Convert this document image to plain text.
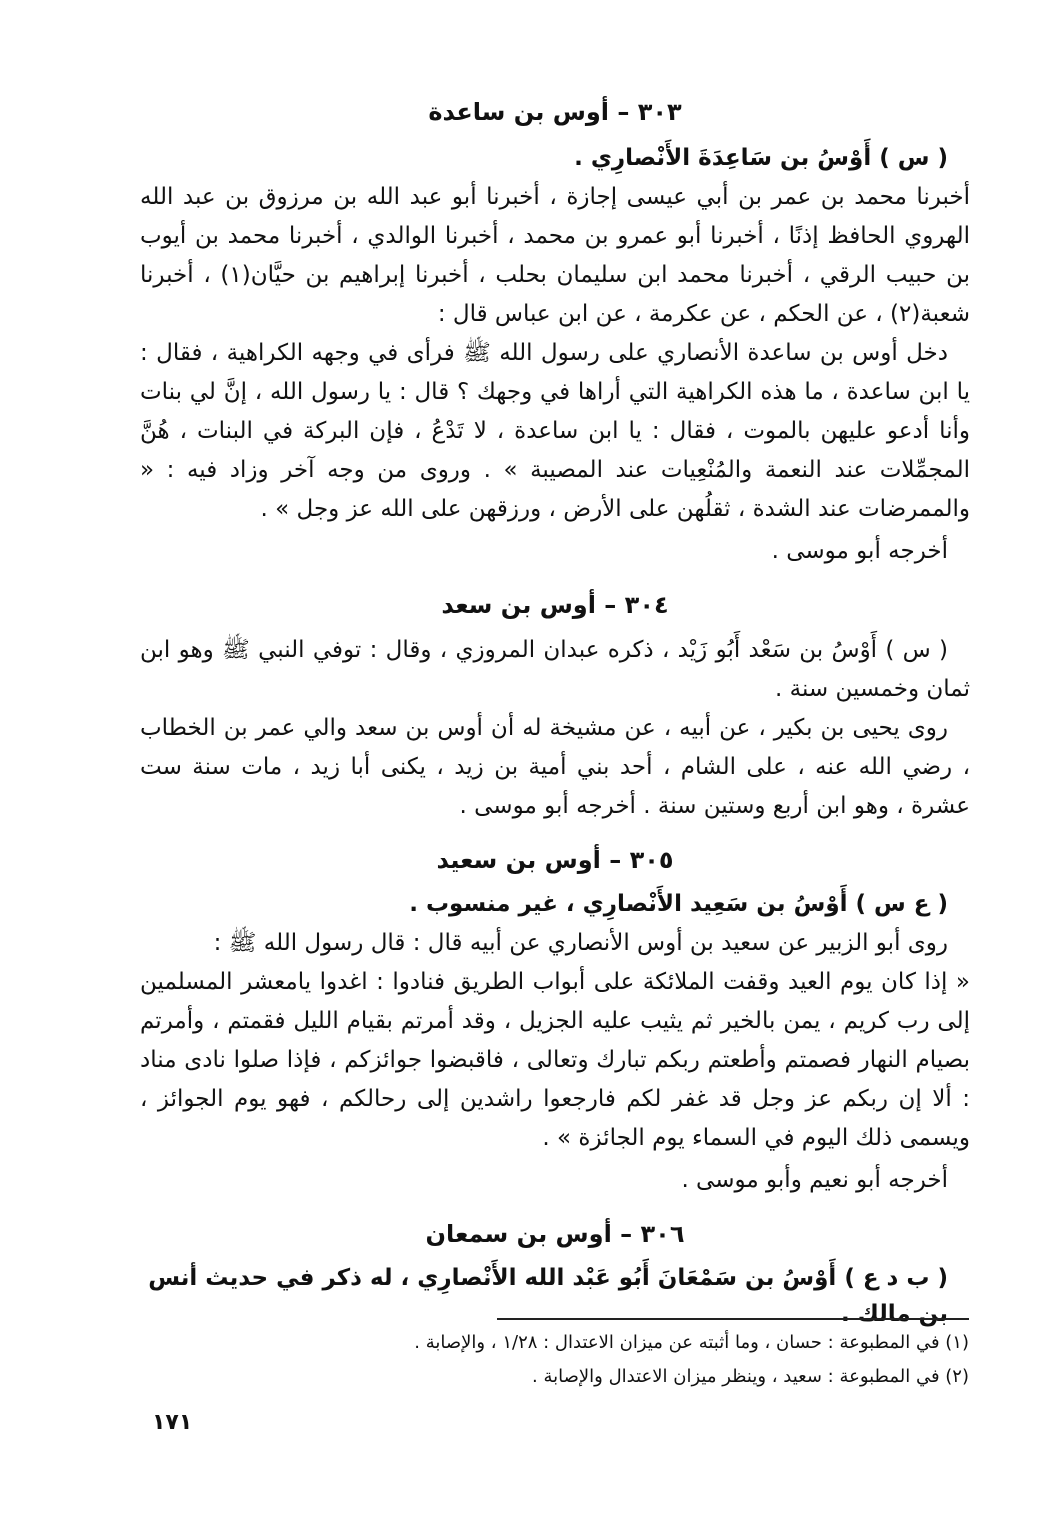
٣٠٣ – أوس بن ساعدة

( س ) أَوْسُ بن سَاعِدَةَ الأَنْصارِي .

أخبرنا محمد بن عمر بن أبي عيسى إجازة ، أخبرنا أبو عبد الله بن مرزوق بن عبد الله الهروي الحافظ إذنًا ، أخبرنا أبو عمرو بن محمد ، أخبرنا الوالدي ، أخبرنا محمد بن أيوب بن حبيب الرقي ، أخبرنا محمد ابن سليمان بحلب ، أخبرنا إبراهيم بن حيَّان(١) ، أخبرنا شعبة(٢) ، عن الحكم ، عن عكرمة ، عن ابن عباس قال :

دخل أوس بن ساعدة الأنصاري على رسول الله ﷺ فرأى في وجهه الكراهية ، فقال : يا ابن ساعدة ، ما هذه الكراهية التي أراها في وجهك ؟ قال : يا رسول الله ، إنَّ لي بنات وأنا أدعو عليهن بالموت ، فقال : يا ابن ساعدة ، لا تَدْعُ ، فإن البركة في البنات ، هُنَّ المجمِّلات عند النعمة والمُنْعِيات عند المصيبة » . وروى من وجه آخر وزاد فيه : « والممرضات عند الشدة ، ثقلُهن على الأرض ، ورزقهن على الله عز وجل » .

أخرجه أبو موسى .

٣٠٤ – أوس بن سعد

( س ) أَوْسُ بن سَعْد أَبُو زَيْد ، ذكره عبدان المروزي ، وقال : توفي النبي ﷺ وهو ابن ثمان وخمسين سنة .

روى يحيى بن بكير ، عن أبيه ، عن مشيخة له أن أوس بن سعد والي عمر بن الخطاب ، رضي الله عنه ، على الشام ، أحد بني أمية بن زيد ، يكنى أبا زيد ، مات سنة ست عشرة ، وهو ابن أربع وستين سنة . أخرجه أبو موسى .

٣٠٥ – أوس بن سعيد

( ع س ) أَوْسُ بن سَعِيد الأَنْصارِي ، غير منسوب .

روى أبو الزبير عن سعيد بن أوس الأنصاري عن أبيه قال : قال رسول الله ﷺ :

« إذا كان يوم العيد وقفت الملائكة على أبواب الطريق فنادوا : اغدوا يامعشر المسلمين إلى رب كريم ، يمن بالخير ثم يثيب عليه الجزيل ، وقد أمرتم بقيام الليل فقمتم ، وأمرتم بصيام النهار فصمتم وأطعتم ربكم تبارك وتعالى ، فاقبضوا جوائزكم ، فإذا صلوا نادى مناد : ألا إن ربكم عز وجل قد غفر لكم فارجعوا راشدين إلى رحالكم ، فهو يوم الجوائز ، ويسمى ذلك اليوم في السماء يوم الجائزة » .

أخرجه أبو نعيم وأبو موسى .

٣٠٦ – أوس بن سمعان

( ب د ع ) أَوْسُ بن سَمْعَانَ أَبُو عَبْد الله الأَنْصارِي ، له ذكر في حديث أنس بن مالك .

(١) في المطبوعة : حسان ، وما أثبته عن ميزان الاعتدال : ١/٢٨ ، والإصابة .

(٢) في المطبوعة : سعيد ، وينظر ميزان الاعتدال والإصابة .

١٧١
